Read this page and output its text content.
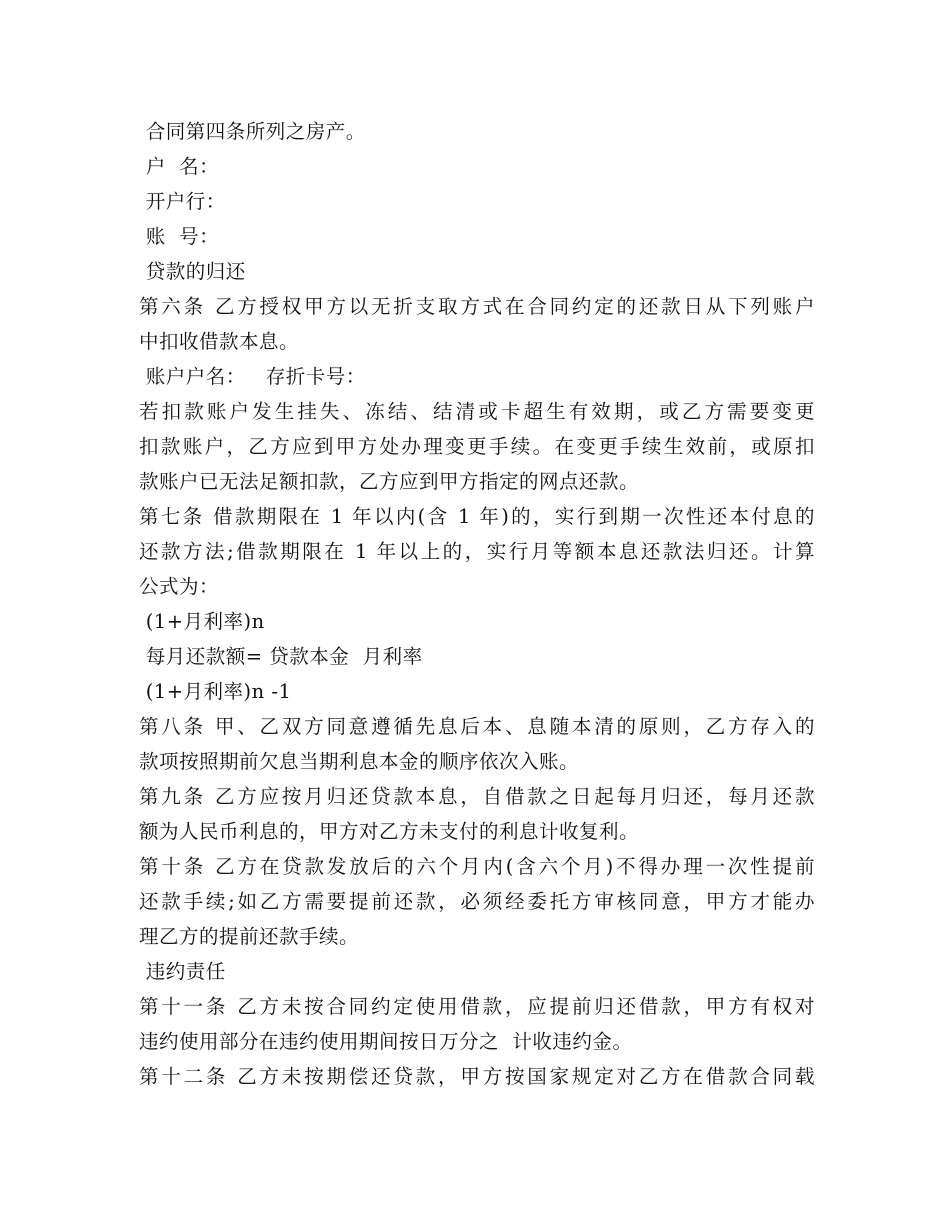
合同第四条所列之房产。
户  名：
开户行：
账  号：
贷款的归还
第六条 乙方授权甲方以无折支取方式在合同约定的还款日从下列账户
中扣收借款本息。
账户户名：   存折卡号：
若扣款账户发生挂失、冻结、结清或卡超生有效期，或乙方需要变更
扣款账户，乙方应到甲方处办理变更手续。在变更手续生效前，或原扣
款账户已无法足额扣款，乙方应到甲方指定的网点还款。
第七条 借款期限在 1 年以内(含 1 年)的，实行到期一次性还本付息的
还款方法;借款期限在 1 年以上的，实行月等额本息还款法归还。计算
公式为：
(1+月利率)n
每月还款额= 贷款本金  月利率
(1+月利率)n -1
第八条 甲、乙双方同意遵循先息后本、息随本清的原则，乙方存入的
款项按照期前欠息当期利息本金的顺序依次入账。
第九条 乙方应按月归还贷款本息，自借款之日起每月归还，每月还款
额为人民币利息的，甲方对乙方未支付的利息计收复利。
第十条 乙方在贷款发放后的六个月内(含六个月)不得办理一次性提前
还款手续;如乙方需要提前还款，必须经委托方审核同意，甲方才能办
理乙方的提前还款手续。
违约责任
第十一条 乙方未按合同约定使用借款，应提前归还借款，甲方有权对
违约使用部分在违约使用期间按日万分之  计收违约金。
第十二条 乙方未按期偿还贷款，甲方按国家规定对乙方在借款合同载
